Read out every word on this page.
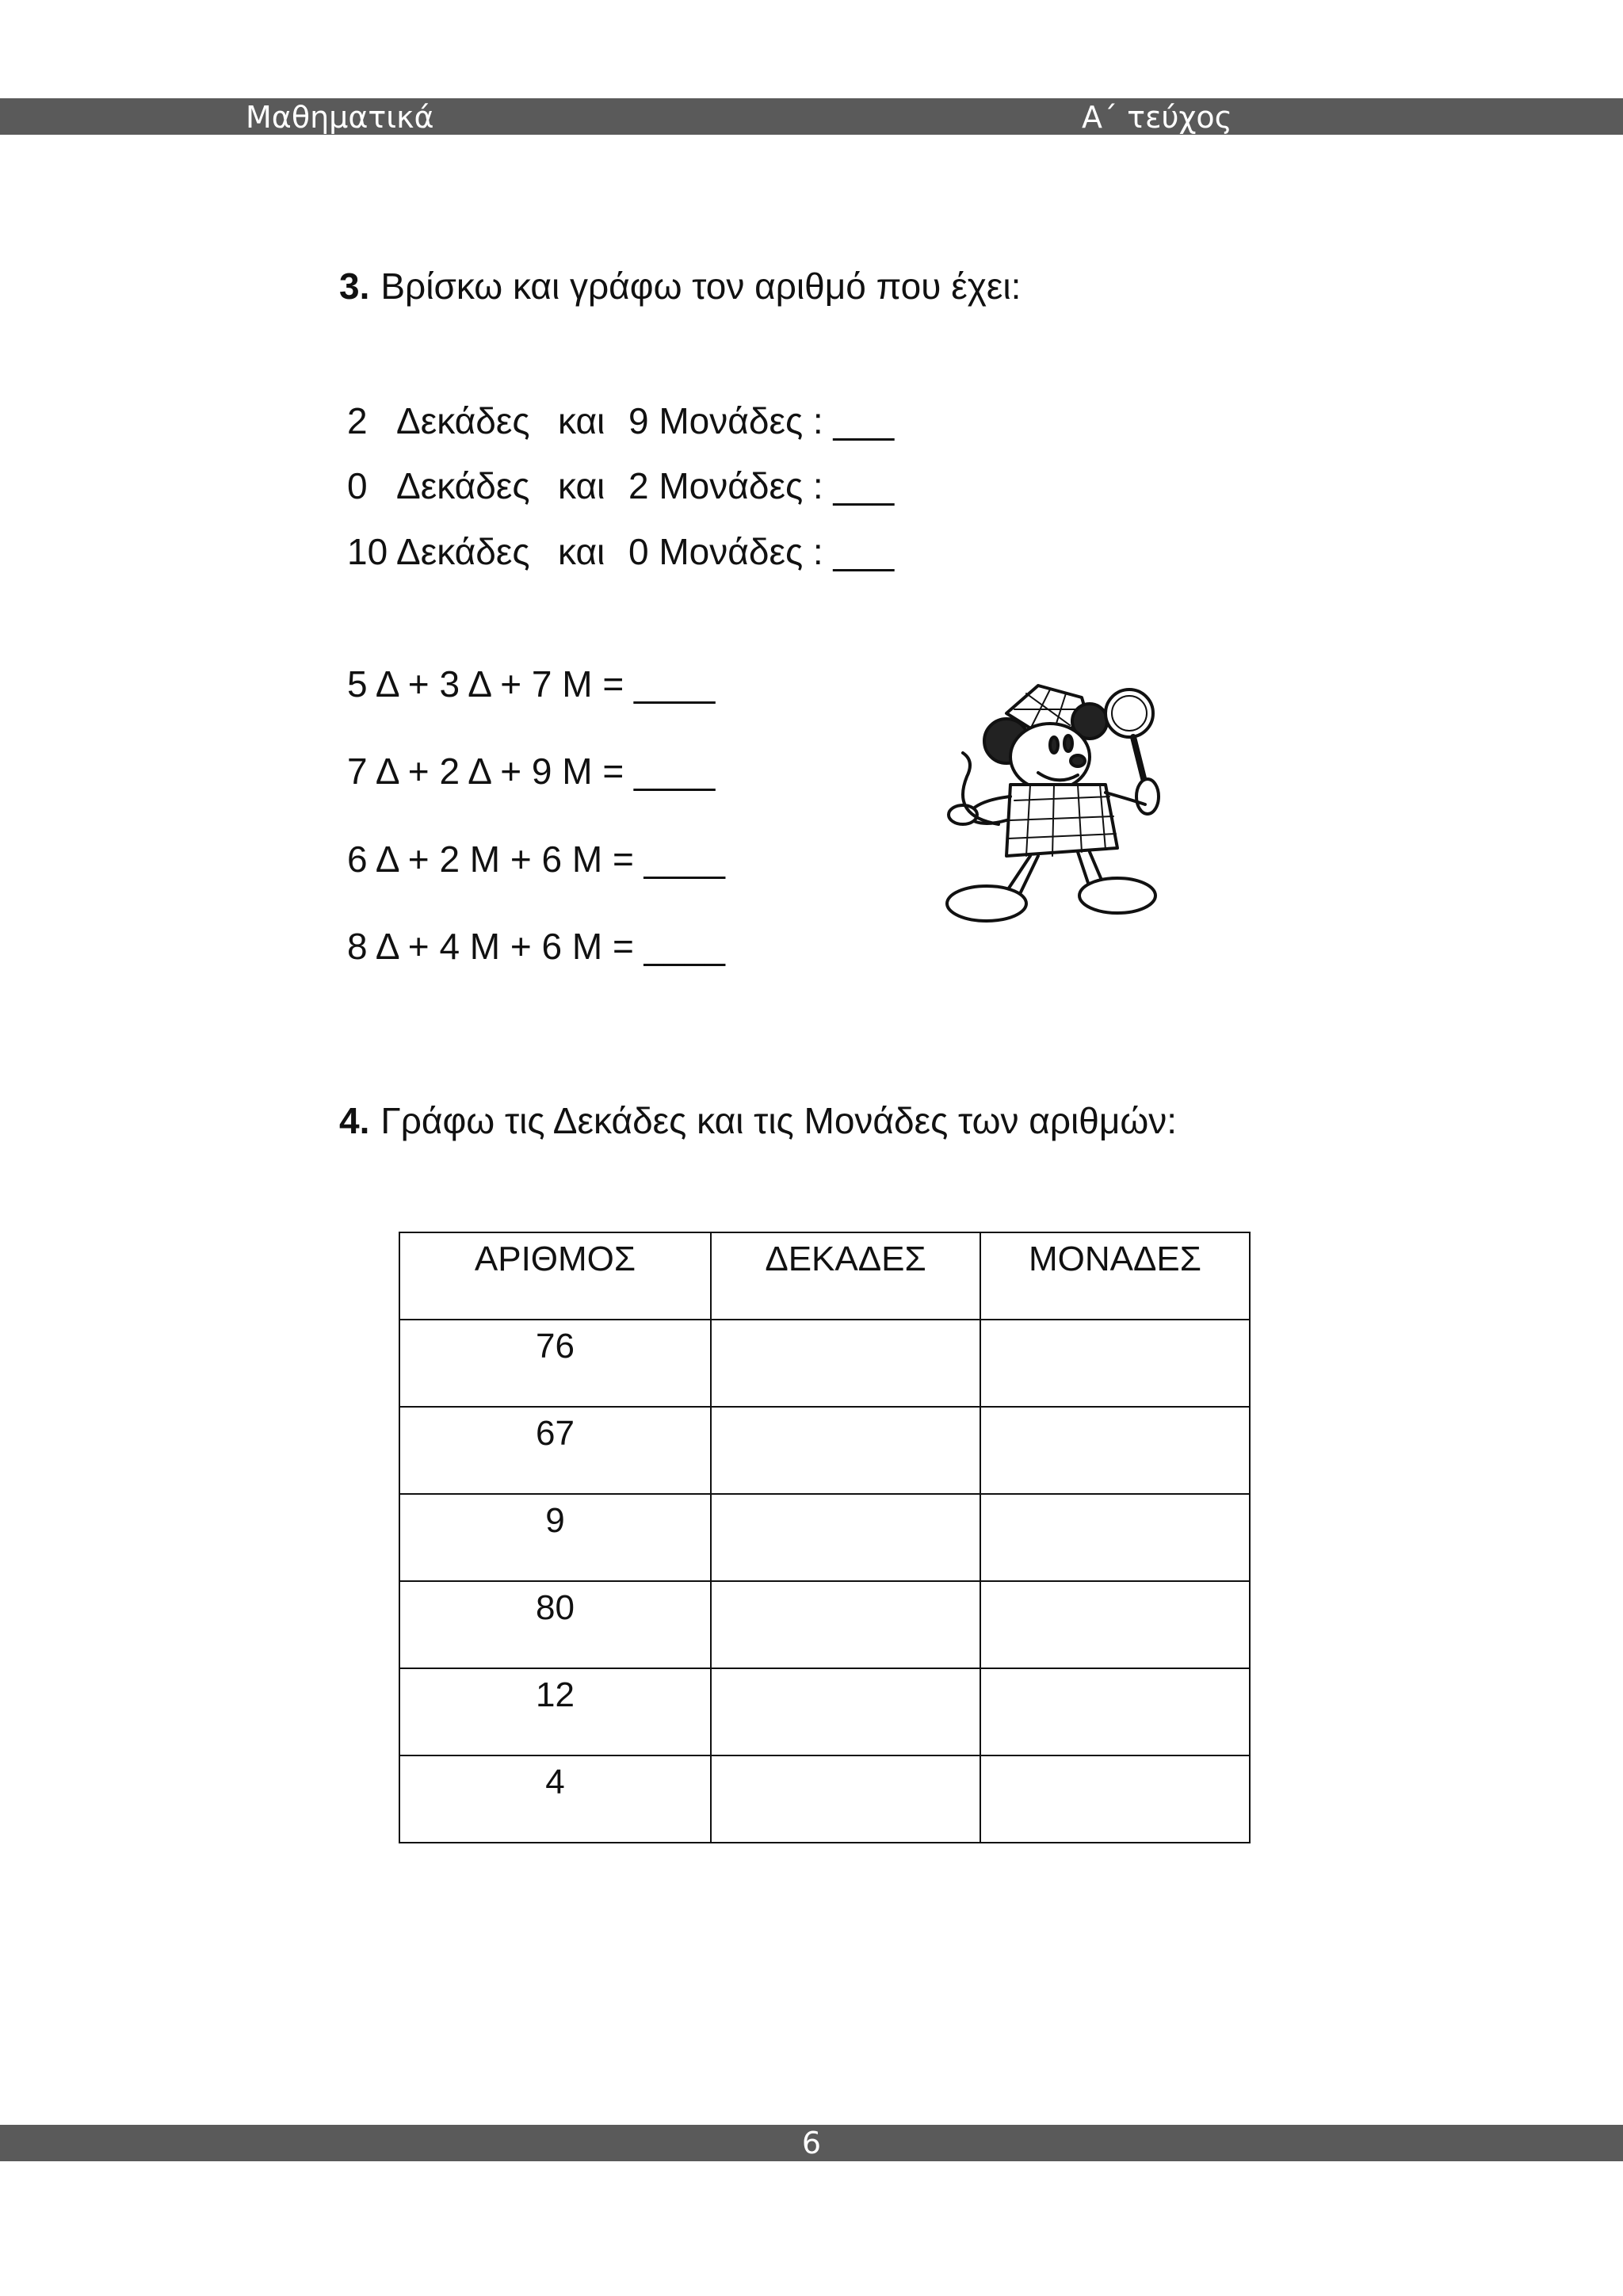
Μαθηματικά	Α΄ τεύχος
3. Βρίσκω και γράφω τον αριθμό που έχει:
2 Δεκάδες και 9 Μονάδες : ___
0 Δεκάδες και 2 Μονάδες : ___
10 Δεκάδες και 0 Μονάδες : ___
5 Δ + 3 Δ + 7 Μ = ____
7 Δ + 2 Δ + 9 Μ = ____
6 Δ + 2 Μ + 6 Μ = ____
8 Δ + 4 Μ + 6 Μ = ____
4. Γράφω τις Δεκάδες και τις Μονάδες των αριθμών:
ΑΡΙΘΜΟΣ	ΔΕΚΑΔΕΣ	ΜΟΝΑΔΕΣ

76		

67		

9		

80		

12		

4		

6
